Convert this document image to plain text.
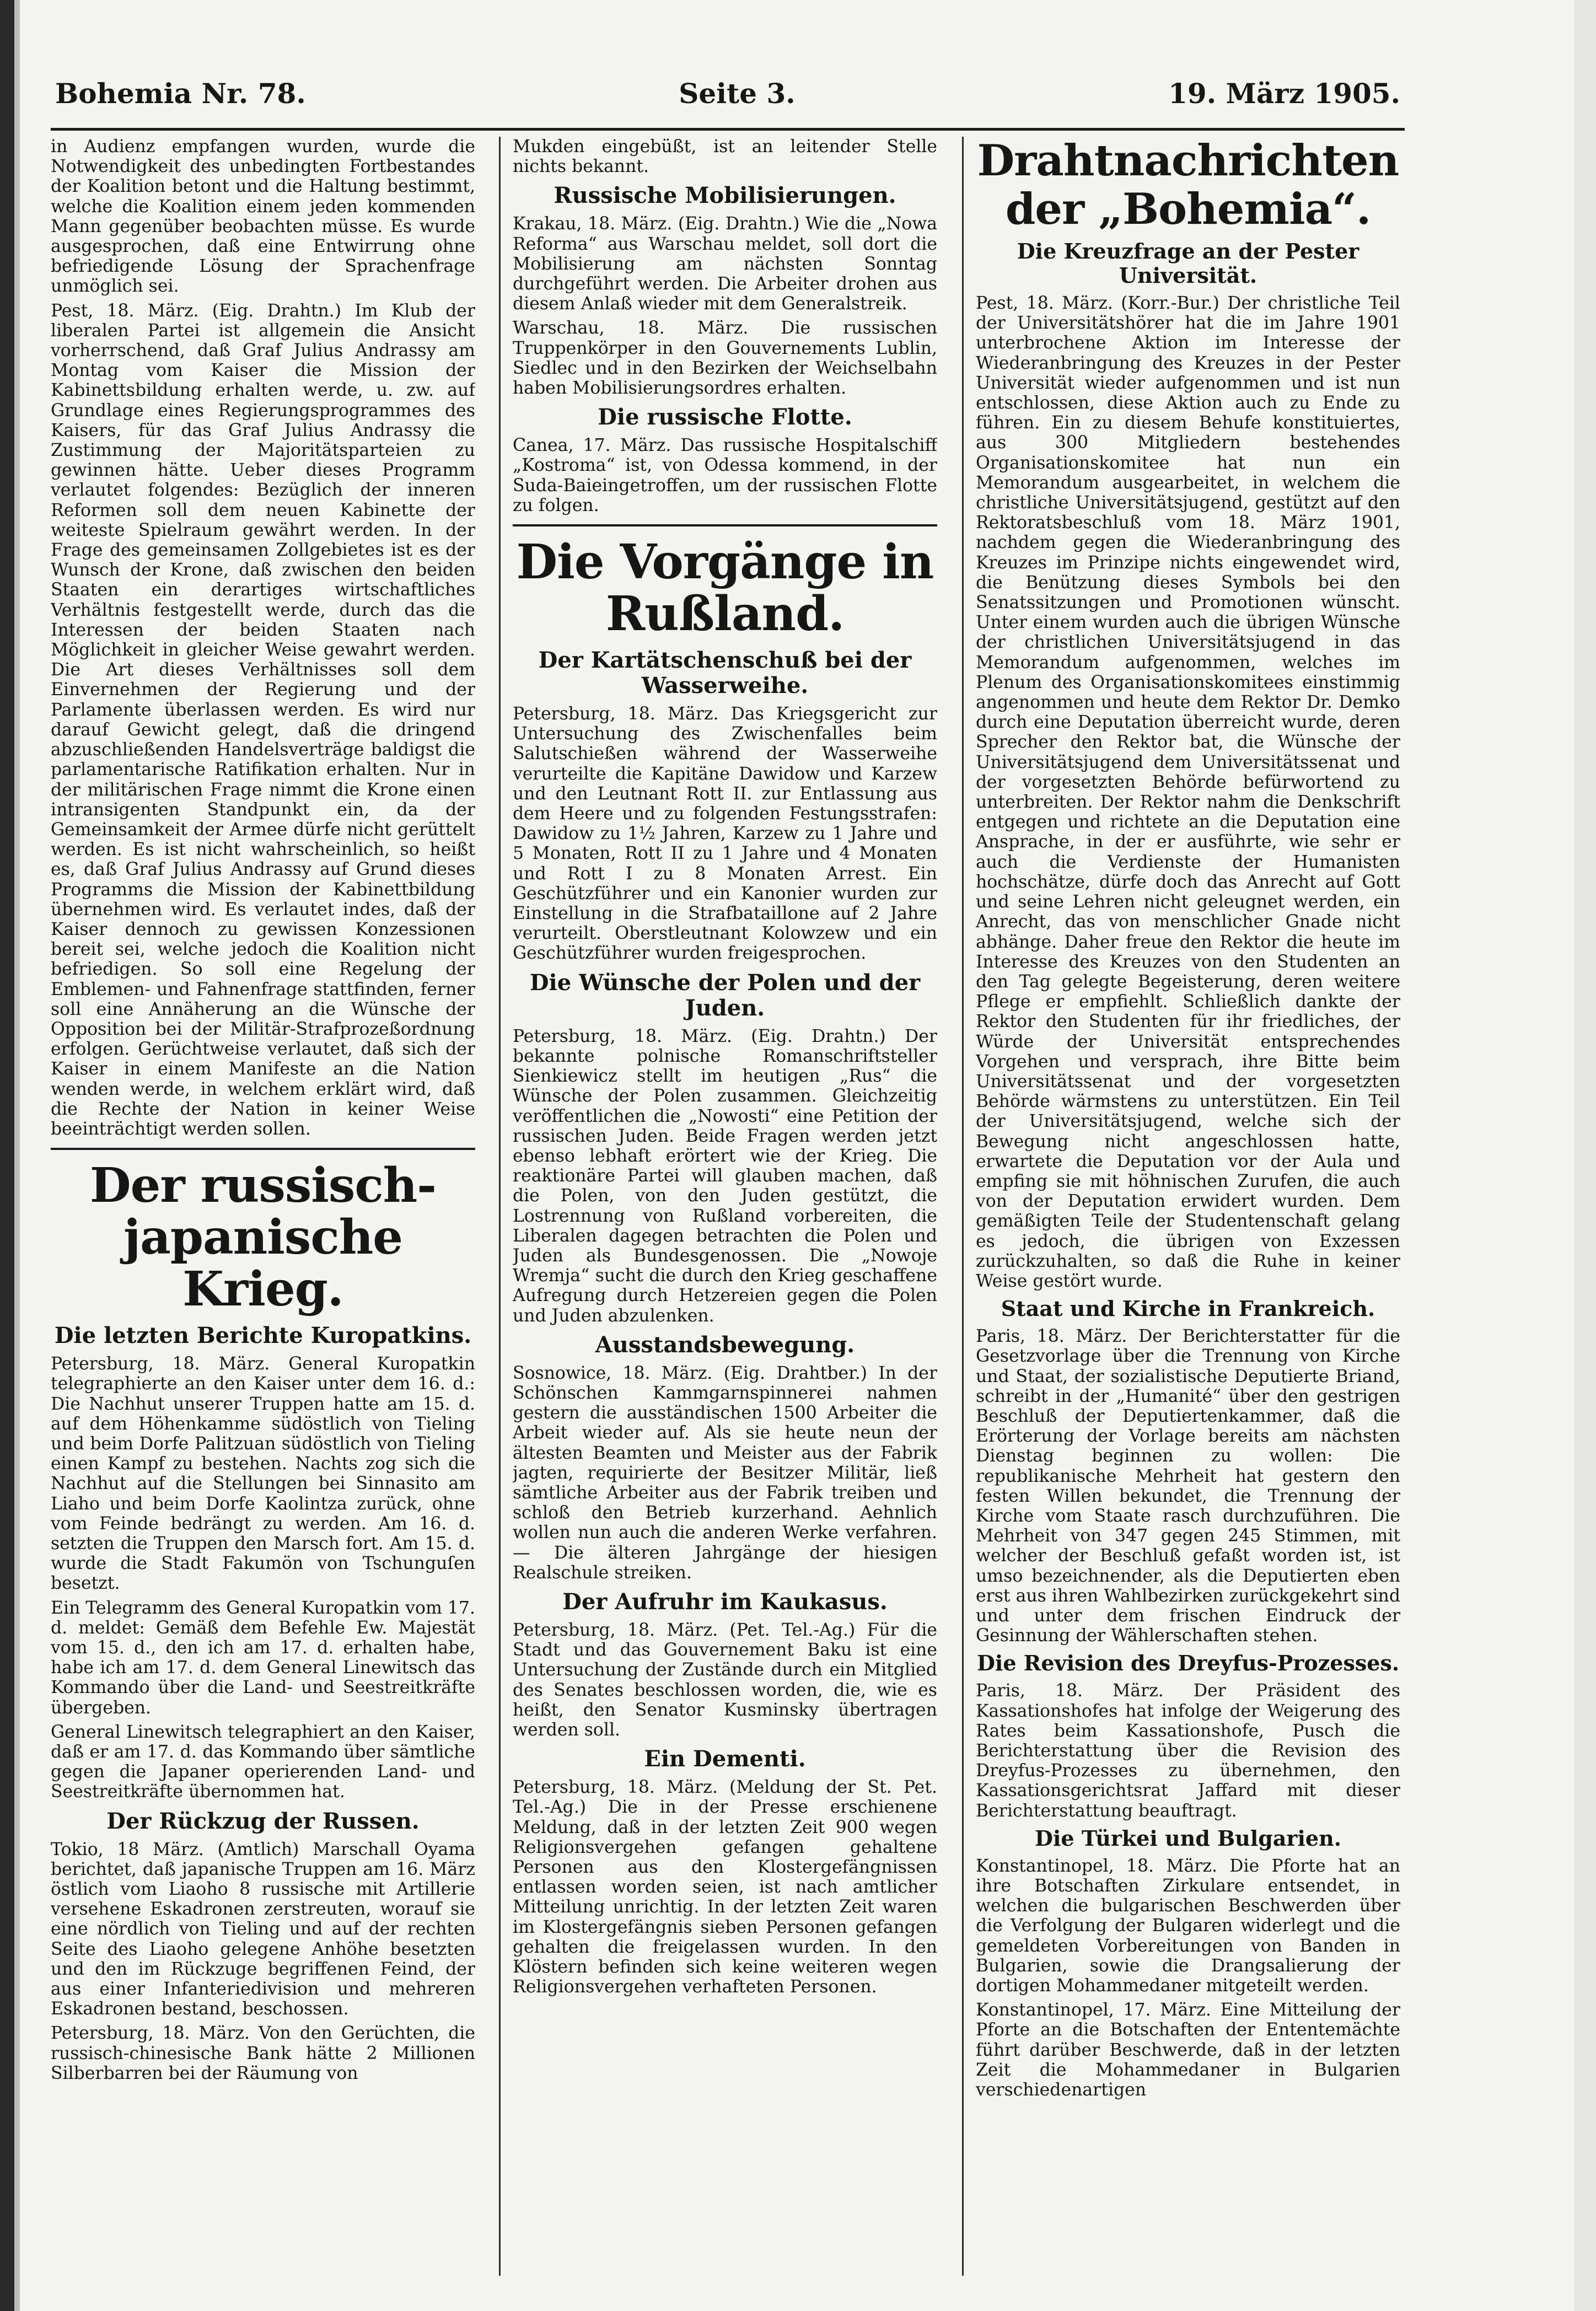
Bohemia Nr. 78.	Seite 3.	19. März 1905.

in Audienz empfangen wurden, wurde die Notwendigkeit des unbedingten Fortbestandes der Koalition betont und die Haltung bestimmt, welche die Koalition einem jeden kommenden Mann gegenüber beobachten müsse. Es wurde ausgesprochen, daß eine Entwirrung ohne befriedigende Lösung der Sprachenfrage unmöglich sei.

Pest, 18. März. (Eig. Drahtn.) Im Klub der liberalen Partei ist allgemein die Ansicht vorherrschend, daß Graf Julius Andrassy am Montag vom Kaiser die Mission der Kabinettsbildung erhalten werde, u. zw. auf Grundlage eines Regierungsprogrammes des Kaisers, für das Graf Julius Andrassy die Zustimmung der Majoritätsparteien zu gewinnen hätte. Ueber dieses Programm verlautet folgendes: Bezüglich der inneren Reformen soll dem neuen Kabinette der weiteste Spielraum gewährt werden. In der Frage des gemeinsamen Zollgebietes ist es der Wunsch der Krone, daß zwischen den beiden Staaten ein derartiges wirtschaftliches Verhältnis festgestellt werde, durch das die Interessen der beiden Staaten nach Möglichkeit in gleicher Weise gewahrt werden. Die Art dieses Verhältnisses soll dem Einvernehmen der Regierung und der Parlamente überlassen werden. Es wird nur darauf Gewicht gelegt, daß die dringend abzuschließenden Handelsverträge baldigst die parlamentarische Ratifikation erhalten. Nur in der militärischen Frage nimmt die Krone einen intransigenten Standpunkt ein, da der Gemeinsamkeit der Armee dürfe nicht gerüttelt werden. Es ist nicht wahrscheinlich, so heißt es, daß Graf Julius Andrassy auf Grund dieses Programms die Mission der Kabinettbildung übernehmen wird. Es verlautet indes, daß der Kaiser dennoch zu gewissen Konzessionen bereit sei, welche jedoch die Koalition nicht befriedigen. So soll eine Regelung der Emblemen- und Fahnenfrage stattfinden, ferner soll eine Annäherung an die Wünsche der Opposition bei der Militär-Strafprozeßordnung erfolgen. Gerüchtweise verlautet, daß sich der Kaiser in einem Manifeste an die Nation wenden werde, in welchem erklärt wird, daß die Rechte der Nation in keiner Weise beeinträchtigt werden sollen.

Der russisch-japanische Krieg.
Die letzten Berichte Kuropatkins.

Petersburg, 18. März. General Kuropatkin telegraphierte an den Kaiser unter dem 16. d.: Die Nachhut unserer Truppen hatte am 15. d. auf dem Höhenkamme südöstlich von Tieling und beim Dorfe Palitzuan südöstlich von Tieling einen Kampf zu bestehen. Nachts zog sich die Nachhut auf die Stellungen bei Sinnasito am Liaho und beim Dorfe Kaolintza zurück, ohne vom Feinde bedrängt zu werden. Am 16. d. setzten die Truppen den Marsch fort. Am 15. d. wurde die Stadt Fakumön von Tschunguſen besetzt.

Ein Telegramm des General Kuropatkin vom 17. d. meldet: Gemäß dem Befehle Ew. Majestät vom 15. d., den ich am 17. d. erhalten habe, habe ich am 17. d. dem General Linewitsch das Kommando über die Land- und Seestreitkräfte übergeben.

General Linewitsch telegraphiert an den Kaiser, daß er am 17. d. das Kommando über sämtliche gegen die Japaner operierenden Land- und Seestreitkräfte übernommen hat.

Der Rückzug der Russen.

Tokio, 18 März. (Amtlich) Marschall Oyama berichtet, daß japanische Truppen am 16. März östlich vom Liaoho 8 russische mit Artillerie versehene Eskadronen zerstreuten, worauf sie eine nördlich von Tieling und auf der rechten Seite des Liaoho gelegene Anhöhe besetzten und den im Rückzuge begriffenen Feind, der aus einer Infanteriedivision und mehreren Eskadronen bestand, beschossen.

Petersburg, 18. März. Von den Gerüchten, die russisch-chinesische Bank hätte 2 Millionen Silberbarren bei der Räumung von

Mukden eingebüßt, ist an leitender Stelle nichts bekannt.

Russische Mobilisierungen.

Krakau, 18. März. (Eig. Drahtn.) Wie die „Nowa Reforma“ aus Warschau meldet, soll dort die Mobilisierung am nächsten Sonntag durchgeführt werden. Die Arbeiter drohen aus diesem Anlaß wieder mit dem Generalstreik.

Warschau, 18. März. Die russischen Truppenkörper in den Gouvernements Lublin, Siedlec und in den Bezirken der Weichselbahn haben Mobilisierungsordres erhalten.

Die russische Flotte.

Canea, 17. März. Das russische Hospitalschiff „Kostroma“ ist, von Odessa kommend, in der Suda-Baieingetroffen, um der russischen Flotte zu folgen.

Die Vorgänge in Rußland.
Der Kartätschenschuß bei der Wasserweihe.

Petersburg, 18. März. Das Kriegsgericht zur Untersuchung des Zwischenfalles beim Salutschießen während der Wasserweihe verurteilte die Kapitäne Dawidow und Karzew und den Leutnant Rott II. zur Entlassung aus dem Heere und zu folgenden Festungsstrafen: Dawidow zu 1½ Jahren, Karzew zu 1 Jahre und 5 Monaten, Rott II zu 1 Jahre und 4 Monaten und Rott I zu 8 Monaten Arrest. Ein Geschützführer und ein Kanonier wurden zur Einstellung in die Strafbataillone auf 2 Jahre verurteilt. Oberstleutnant Kolowzew und ein Geschützführer wurden freigesprochen.

Die Wünsche der Polen und der Juden.

Petersburg, 18. März. (Eig. Drahtn.) Der bekannte polnische Romanschriftsteller Sienkiewicz stellt im heutigen „Rus“ die Wünsche der Polen zusammen. Gleichzeitig veröffentlichen die „Nowosti“ eine Petition der russischen Juden. Beide Fragen werden jetzt ebenso lebhaft erörtert wie der Krieg. Die reaktionäre Partei will glauben machen, daß die Polen, von den Juden gestützt, die Lostrennung von Rußland vorbereiten, die Liberalen dagegen betrachten die Polen und Juden als Bundesgenossen. Die „Nowoje Wremja“ sucht die durch den Krieg geschaffene Aufregung durch Hetzereien gegen die Polen und Juden abzulenken.

Ausstandsbewegung.

Sosnowice, 18. März. (Eig. Drahtber.) In der Schönschen Kammgarnspinnerei nahmen gestern die ausständischen 1500 Arbeiter die Arbeit wieder auf. Als sie heute neun der ältesten Beamten und Meister aus der Fabrik jagten, requirierte der Besitzer Militär, ließ sämtliche Arbeiter aus der Fabrik treiben und schloß den Betrieb kurzerhand. Aehnlich wollen nun auch die anderen Werke verfahren. — Die älteren Jahrgänge der hiesigen Realschule streiken.

Der Aufruhr im Kaukasus.

Petersburg, 18. März. (Pet. Tel.-Ag.) Für die Stadt und das Gouvernement Baku ist eine Untersuchung der Zustände durch ein Mitglied des Senates beschlossen worden, die, wie es heißt, den Senator Kusminsky übertragen werden soll.

Ein Dementi.

Petersburg, 18. März. (Meldung der St. Pet. Tel.-Ag.) Die in der Presse erschienene Meldung, daß in der letzten Zeit 900 wegen Religionsvergehen gefangen gehaltene Personen aus den Klostergefängnissen entlassen worden seien, ist nach amtlicher Mitteilung unrichtig. In der letzten Zeit waren im Klostergefängnis sieben Personen gefangen gehalten die freigelassen wurden. In den Klöstern befinden sich keine weiteren wegen Religionsvergehen verhafteten Personen.

Drahtnachrichten der „Bohemia“.
Die Kreuzfrage an der Pester Universität.

Pest, 18. März. (Korr.-Bur.) Der christliche Teil der Universitätshörer hat die im Jahre 1901 unterbrochene Aktion im Interesse der Wiederanbringung des Kreuzes in der Pester Universität wieder aufgenommen und ist nun entschlossen, diese Aktion auch zu Ende zu führen. Ein zu diesem Behufe konstituiertes, aus 300 Mitgliedern bestehendes Organisationskomitee hat nun ein Memorandum ausgearbeitet, in welchem die christliche Universitätsjugend, gestützt auf den Rektoratsbeschluß vom 18. März 1901, nachdem gegen die Wiederanbringung des Kreuzes im Prinzipe nichts eingewendet wird, die Benützung dieses Symbols bei den Senatssitzungen und Promotionen wünscht. Unter einem wurden auch die übrigen Wünsche der christlichen Universitätsjugend in das Memorandum aufgenommen, welches im Plenum des Organisationskomitees einstimmig angenommen und heute dem Rektor Dr. Demko durch eine Deputation überreicht wurde, deren Sprecher den Rektor bat, die Wünsche der Universitätsjugend dem Universitätssenat und der vorgesetzten Behörde befürwortend zu unterbreiten. Der Rektor nahm die Denkschrift entgegen und richtete an die Deputation eine Ansprache, in der er ausführte, wie sehr er auch die Verdienste der Humanisten hochschätze, dürfe doch das Anrecht auf Gott und seine Lehren nicht geleugnet werden, ein Anrecht, das von menschlicher Gnade nicht abhänge. Daher freue den Rektor die heute im Interesse des Kreuzes von den Studenten an den Tag gelegte Begeisterung, deren weitere Pflege er empfiehlt. Schließlich dankte der Rektor den Studenten für ihr friedliches, der Würde der Universität entsprechendes Vorgehen und versprach, ihre Bitte beim Universitätssenat und der vorgesetzten Behörde wärmstens zu unterstützen. Ein Teil der Universitätsjugend, welche sich der Bewegung nicht angeschlossen hatte, erwartete die Deputation vor der Aula und empfing sie mit höhnischen Zurufen, die auch von der Deputation erwidert wurden. Dem gemäßigten Teile der Studentenschaft gelang es jedoch, die übrigen von Exzessen zurückzuhalten, so daß die Ruhe in keiner Weise gestört wurde.

Staat und Kirche in Frankreich.

Paris, 18. März. Der Berichterstatter für die Gesetzvorlage über die Trennung von Kirche und Staat, der sozialistische Deputierte Briand, schreibt in der „Humanité“ über den gestrigen Beschluß der Deputiertenkammer, daß die Erörterung der Vorlage bereits am nächsten Dienstag beginnen zu wollen: Die republikanische Mehrheit hat gestern den festen Willen bekundet, die Trennung der Kirche vom Staate rasch durchzuführen. Die Mehrheit von 347 gegen 245 Stimmen, mit welcher der Beschluß gefaßt worden ist, ist umso bezeichnender, als die Deputierten eben erst aus ihren Wahlbezirken zurückgekehrt sind und unter dem frischen Eindruck der Gesinnung der Wählerschaften stehen.

Die Revision des Dreyfus-Prozesses.

Paris, 18. März. Der Präsident des Kassationshofes hat infolge der Weigerung des Rates beim Kassationshofe, Pusch die Berichterstattung über die Revision des Dreyfus-Prozesses zu übernehmen, den Kassationsgerichtsrat Jaffard mit dieser Berichterstattung beauftragt.

Die Türkei und Bulgarien.

Konstantinopel, 18. März. Die Pforte hat an ihre Botschaften Zirkulare entsendet, in welchen die bulgarischen Beschwerden über die Verfolgung der Bulgaren widerlegt und die gemeldeten Vorbereitungen von Banden in Bulgarien, sowie die Drangsalierung der dortigen Mohammedaner mitgeteilt werden.

Konstantinopel, 17. März. Eine Mitteilung der Pforte an die Botschaften der Ententemächte führt darüber Beschwerde, daß in der letzten Zeit die Mohammedaner in Bulgarien verschiedenartigen
